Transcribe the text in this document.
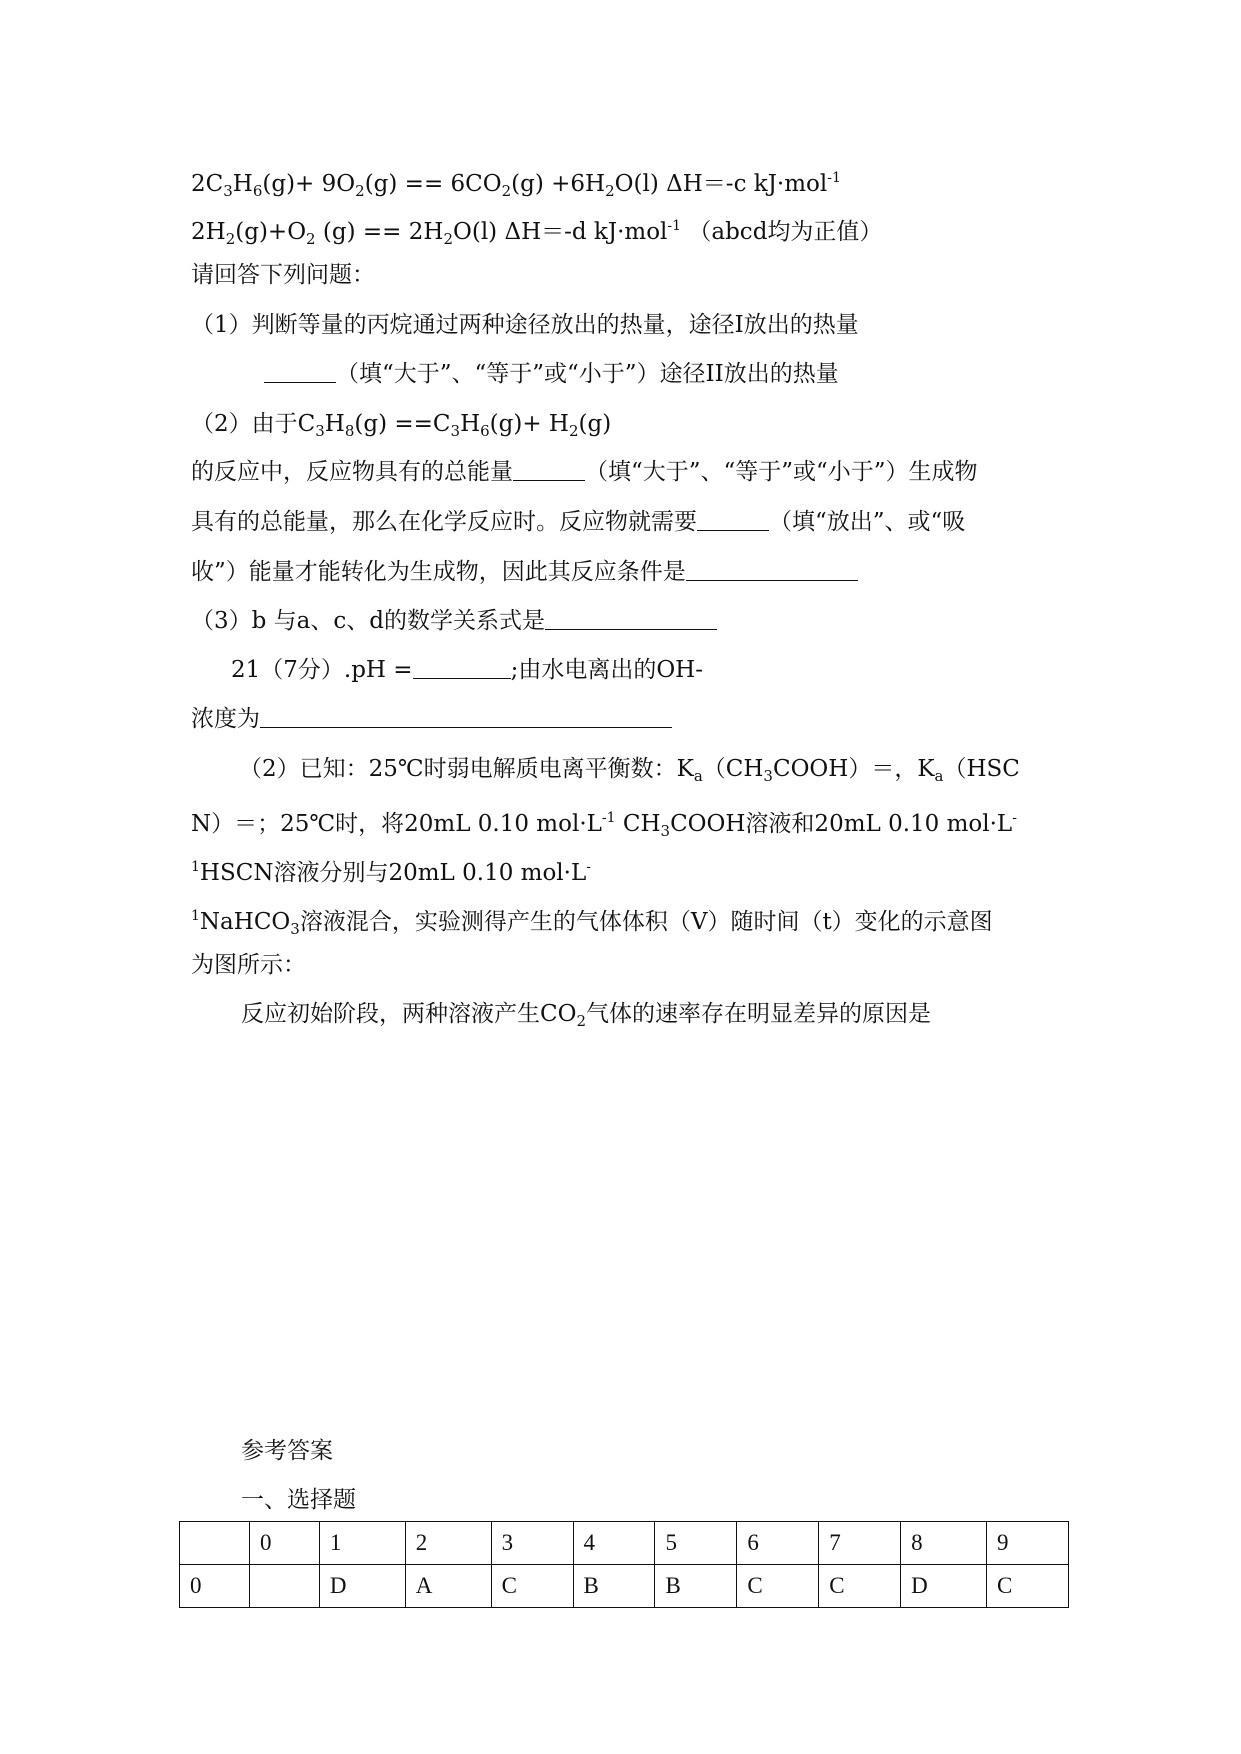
$2C_3H_6(g)+ 9O_2(g) == 6CO_2(g) +6H_2O(l)$ ΔH＝-c kJ·mol$^{-1}$
$2H_2(g)+O_2$ $(g) == 2H_2O(l)$ ΔH＝-d kJ·mol$^{-1}$ （abcd均为正值）
请回答下列问题：
（1）判断等量的丙烷通过两种途径放出的热量，途径I放出的热量
（填“大于”、“等于”或“小于”）途径II放出的热量
（2）由于$C_3H_8(g) ==C_3H_6(g)+ H_2(g)$
的反应中，反应物具有的总能量	（填“大于”、“等于”或“小于”）生成物
具有的总能量，那么在化学反应时。反应物就需要	（填“放出”、或“吸
收”）能量才能转化为生成物，因此其反应条件是
（3）b 与a、c、d的数学关系式是
21（7分）.pH =	;由水电离出的OH-
浓度为
（2）已知：25℃时弱电解质电离平衡数：$K_a(CH_3COOH)=$，$K_a(HSC$
N）＝；25℃时，将20mL 0.10 $mol\cdot L^{-1}$ $CH_3COOH$溶液和20mL 0.10 mol·L-
$^1$HSCN溶液分别与20mL 0.10 mol·L-
$^1$NaHCO$_3$溶液混合，实验测得产生的气体体积（V）随时间（t）变化的示意图
为图所示：
反应初始阶段，两种溶液产生$CO_2$气体的速率存在明显差异的原因是
参考答案
一、选择题
	0	1	2	3	4	5	6	7	8	9
0		D	A	C	B	B	C	C	D	C
